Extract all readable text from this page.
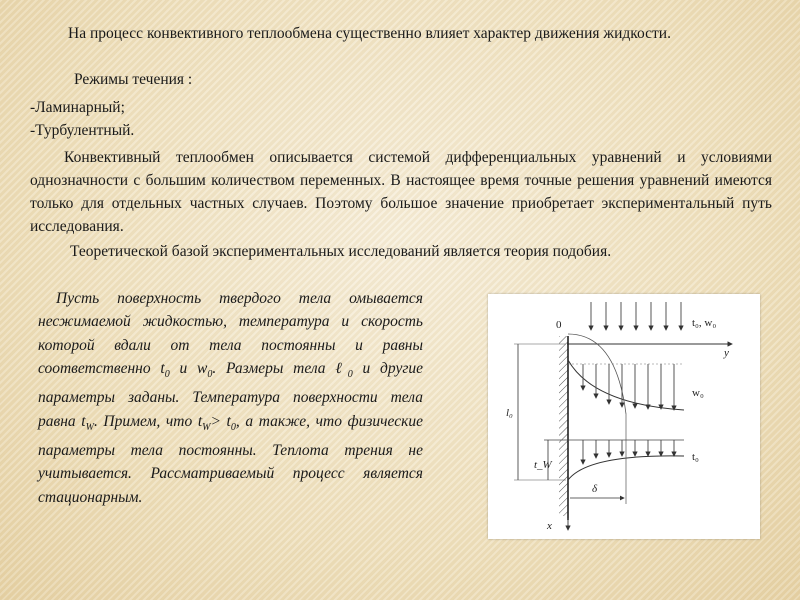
На процесс конвективного теплообмена существенно влияет характер движения жидкости.

Режимы течения :

-Ламинарный;

-Турбулентный.

Конвективный теплообмен описывается системой дифференциальных уравнений и условиями однозначности с большим количеством переменных. В настоящее время точные решения уравнений имеются только для отдельных частных случаев. Поэтому большое значение приобретает экспериментальный путь исследования.

Теоретической базой экспериментальных исследований является теория подобия.

Пусть поверхность твердого тела омывается несжимаемой жидкостью, температура и скорость которой вдали от тела постоянны и равны соответственно $t_0$ и $w_0$. Размеры тела ℓ$_0$ и другие параметры заданы. Температура поверхности тела равна $t_W$. Примем, что $t_W> t_0$, а также, что физические параметры тела постоянны. Теплота трения не учитывается. Рассматриваемый процесс является стационарным.

t₀, w₀
0
y
x
w₀
t₀
l₀
t_W
δ
